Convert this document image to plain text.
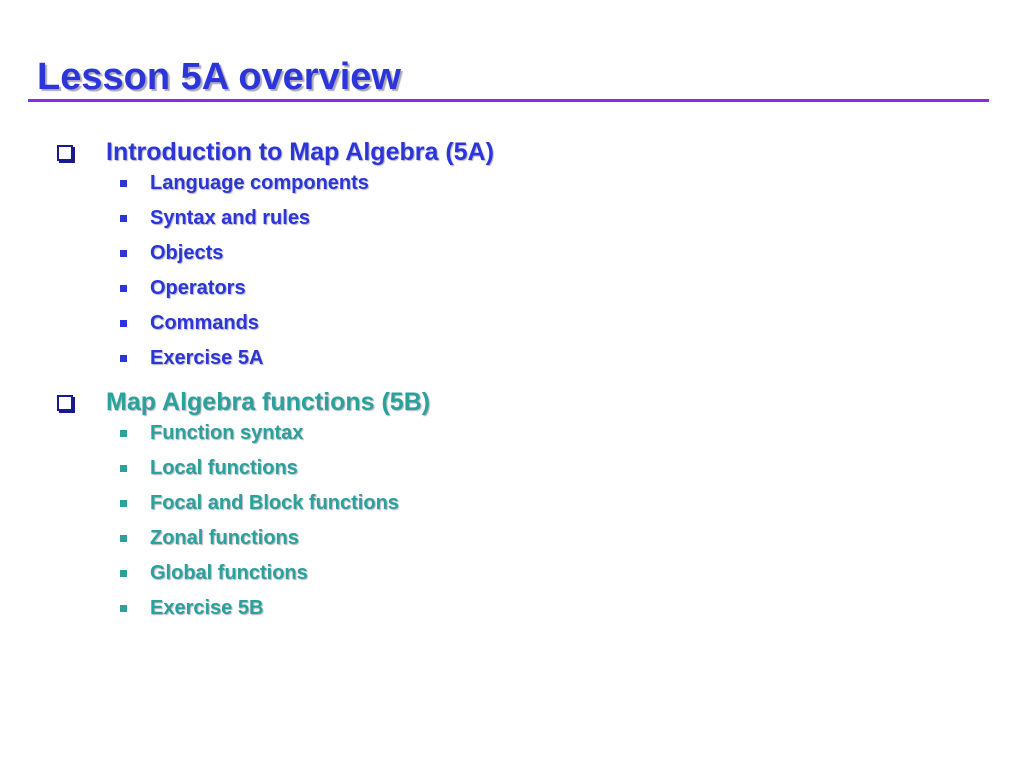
Lesson 5A overview
Introduction to Map Algebra (5A)
Language components
Syntax and rules
Objects
Operators
Commands
Exercise 5A
Map Algebra functions (5B)
Function syntax
Local functions
Focal and Block functions
Zonal functions
Global functions
Exercise 5B
